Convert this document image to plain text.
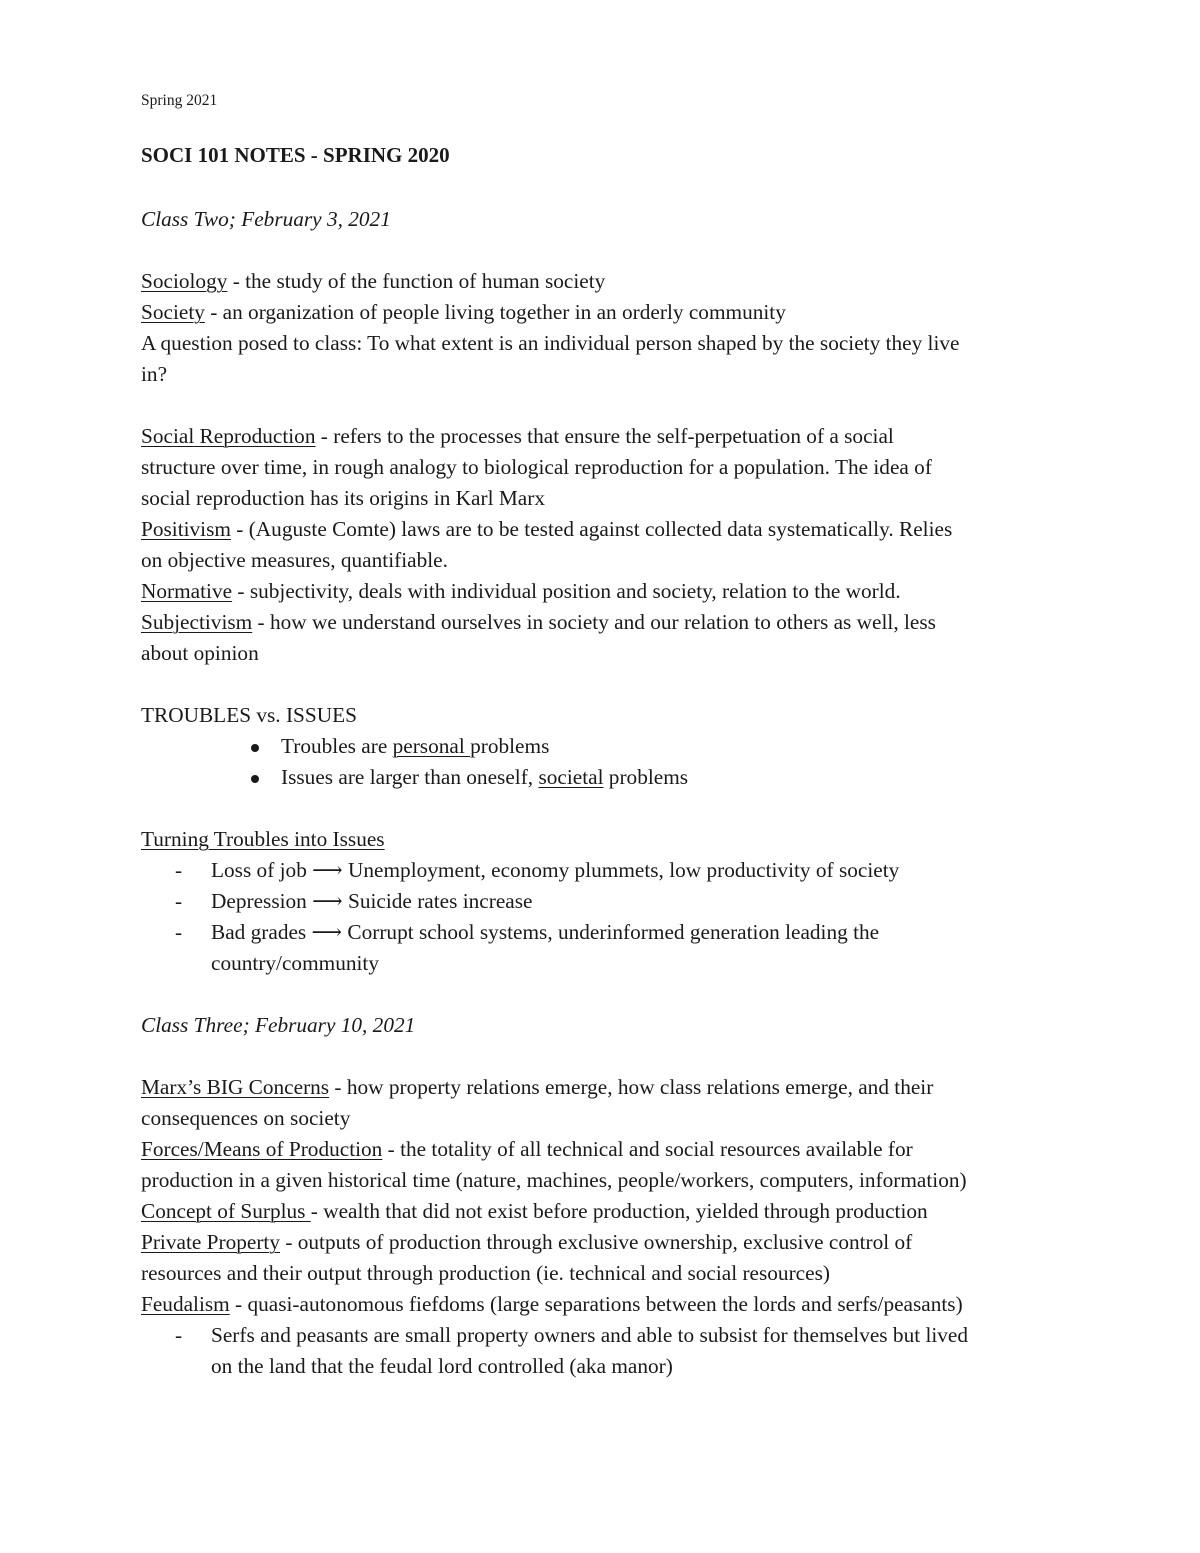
Spring 2021
SOCI 101 NOTES - SPRING 2020

Class Two; February 3, 2021

Sociology - the study of the function of human society

Society - an organization of people living together in an orderly community

A question posed to class: To what extent is an individual person shaped by the society they live

in?

Social Reproduction - refers to the processes that ensure the self-perpetuation of a social

structure over time, in rough analogy to biological reproduction for a population. The idea of

social reproduction has its origins in Karl Marx

Positivism - (Auguste Comte) laws are to be tested against collected data systematically. Relies

on objective measures, quantifiable.

Normative - subjectivity, deals with individual position and society, relation to the world.

Subjectivism - how we understand ourselves in society and our relation to others as well, less

about opinion

TROUBLES vs. ISSUES

Troubles are personal problems
Issues are larger than oneself, societal problems

Turning Troubles into Issues

- Loss of job ⟶ Unemployment, economy plummets, low productivity of society
- Depression ⟶ Suicide rates increase
- Bad grades ⟶ Corrupt school systems, underinformed generation leading the
country/community

Class Three; February 10, 2021

Marx’s BIG Concerns - how property relations emerge, how class relations emerge, and their

consequences on society

Forces/Means of Production - the totality of all technical and social resources available for

production in a given historical time (nature, machines, people/workers, computers, information)

Concept of Surplus - wealth that did not exist before production, yielded through production

Private Property - outputs of production through exclusive ownership, exclusive control of

resources and their output through production (ie. technical and social resources)

Feudalism - quasi-autonomous fiefdoms (large separations between the lords and serfs/peasants)

- Serfs and peasants are small property owners and able to subsist for themselves but lived
on the land that the feudal lord controlled (aka manor)
